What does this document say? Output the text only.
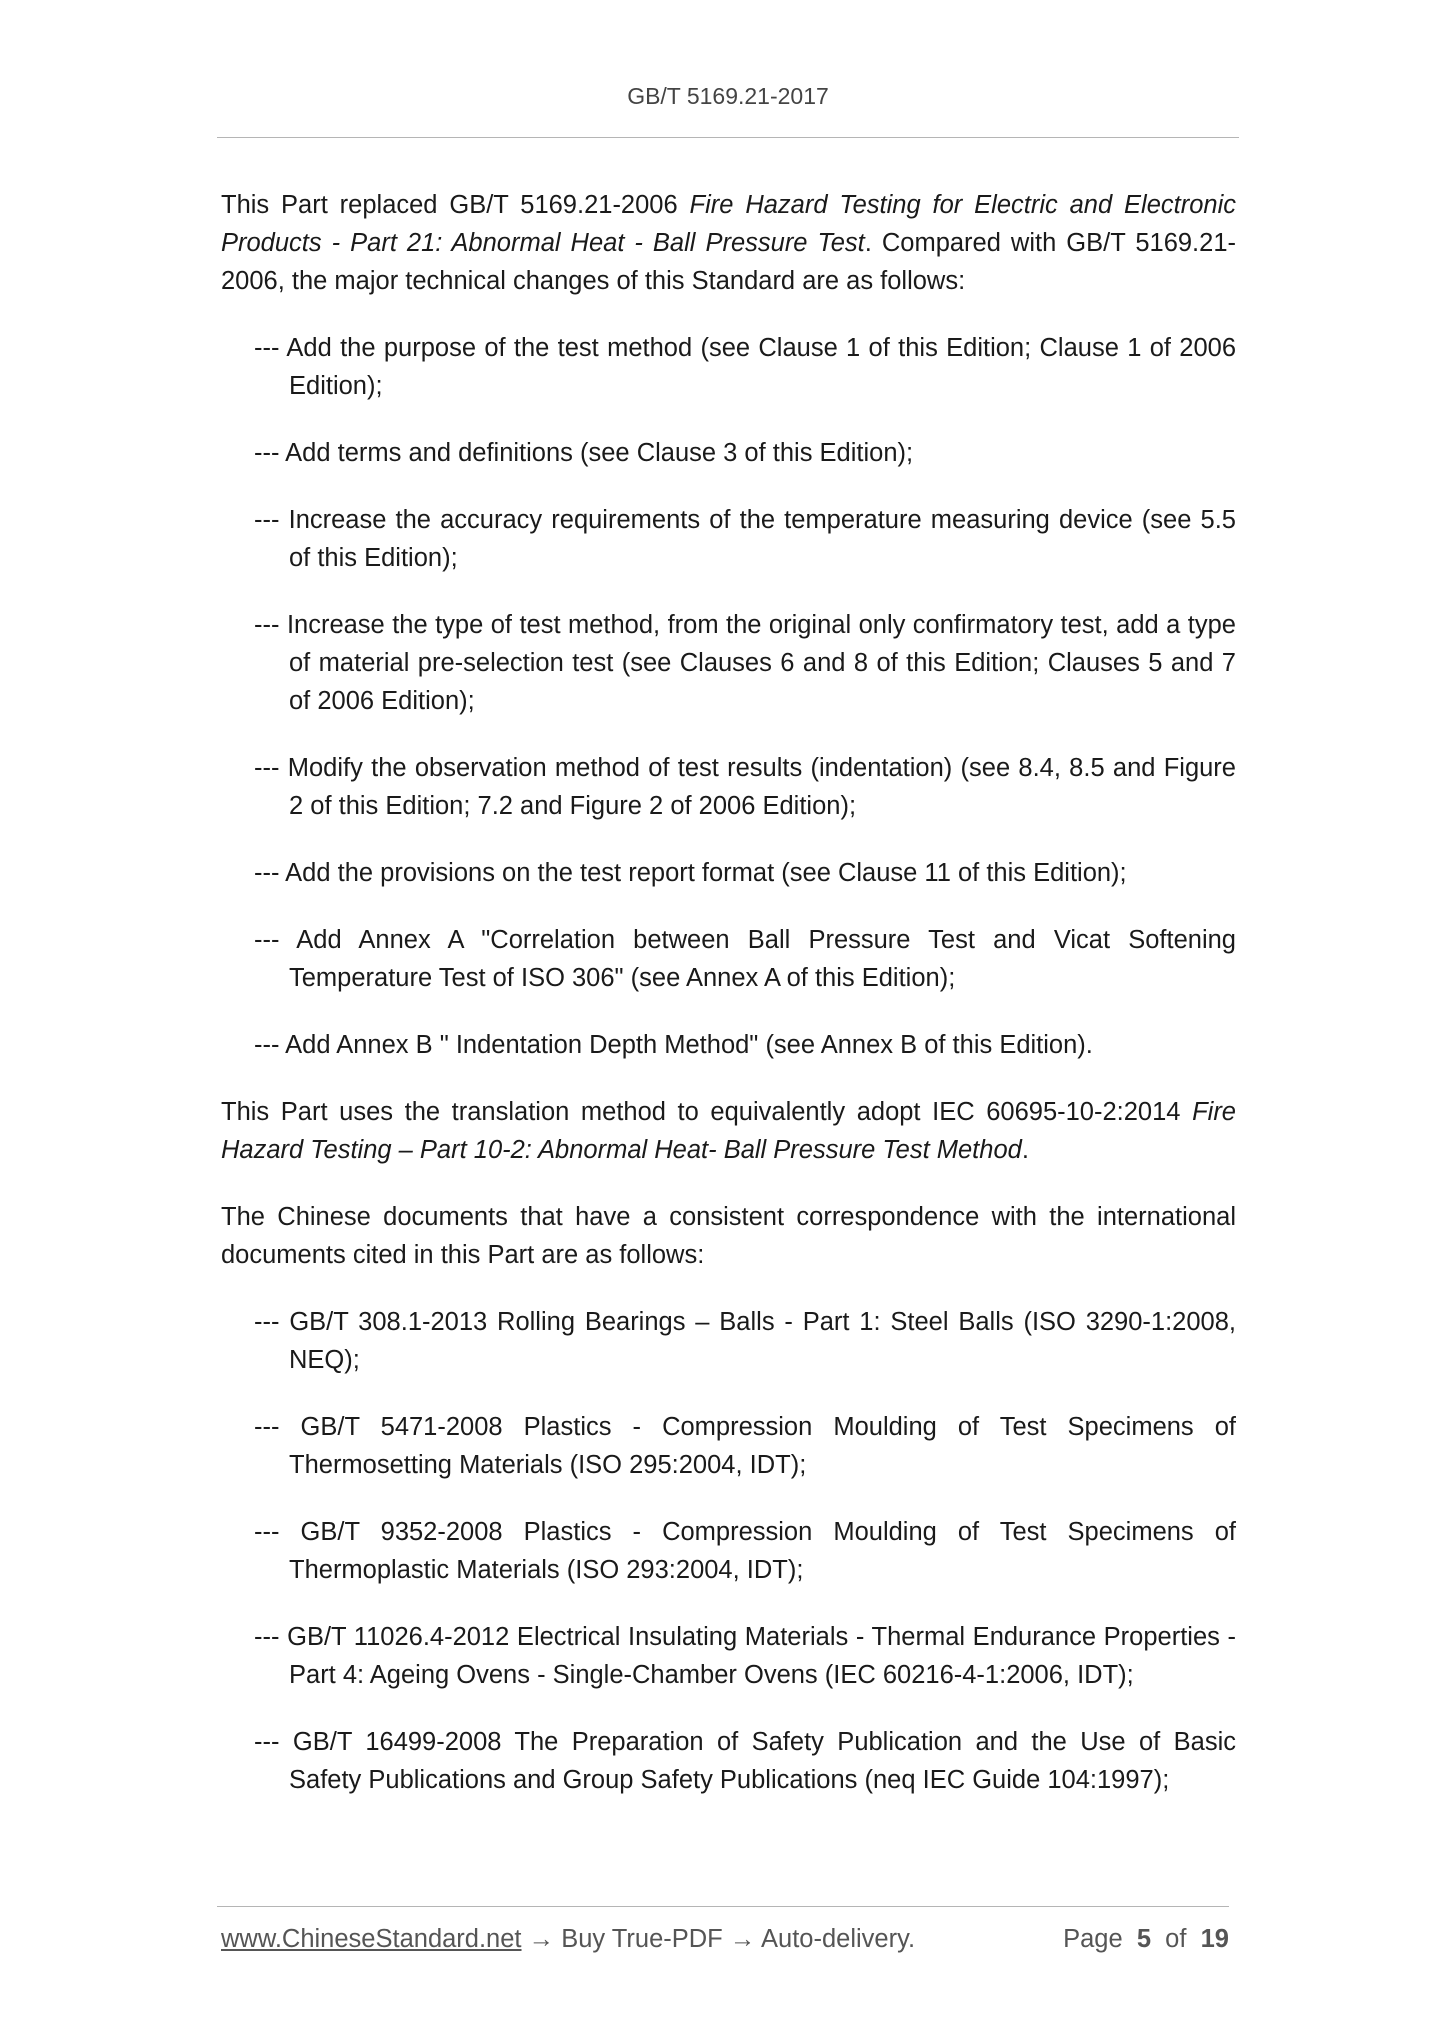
GB/T 5169.21-2017

This Part replaced GB/T 5169.21-2006 Fire Hazard Testing for Electric and Electronic Products - Part 21: Abnormal Heat - Ball Pressure Test. Compared with GB/T 5169.21-2006, the major technical changes of this Standard are as follows:

--- Add the purpose of the test method (see Clause 1 of this Edition; Clause 1 of 2006 Edition);

--- Add terms and definitions (see Clause 3 of this Edition);

--- Increase the accuracy requirements of the temperature measuring device (see 5.5 of this Edition);

--- Increase the type of test method, from the original only confirmatory test, add a type of material pre-selection test (see Clauses 6 and 8 of this Edition; Clauses 5 and 7 of 2006 Edition);

--- Modify the observation method of test results (indentation) (see 8.4, 8.5 and Figure 2 of this Edition; 7.2 and Figure 2 of 2006 Edition);

--- Add the provisions on the test report format (see Clause 11 of this Edition);

--- Add Annex A "Correlation between Ball Pressure Test and Vicat Softening Temperature Test of ISO 306" (see Annex A of this Edition);

--- Add Annex B " Indentation Depth Method" (see Annex B of this Edition).

This Part uses the translation method to equivalently adopt IEC 60695-10-2:2014 Fire Hazard Testing – Part 10-2: Abnormal Heat- Ball Pressure Test Method.

The Chinese documents that have a consistent correspondence with the international documents cited in this Part are as follows:

--- GB/T 308.1-2013 Rolling Bearings – Balls - Part 1: Steel Balls (ISO 3290-1:2008, NEQ);

--- GB/T 5471-2008 Plastics - Compression Moulding of Test Specimens of Thermosetting Materials (ISO 295:2004, IDT);

--- GB/T 9352-2008 Plastics - Compression Moulding of Test Specimens of Thermoplastic Materials (ISO 293:2004, IDT);

--- GB/T 11026.4-2012 Electrical Insulating Materials - Thermal Endurance Properties - Part 4: Ageing Ovens - Single-Chamber Ovens (IEC 60216-4-1:2006, IDT);

--- GB/T 16499-2008 The Preparation of Safety Publication and the Use of Basic Safety Publications and Group Safety Publications (neq IEC Guide 104:1997);

www.ChineseStandard.net → Buy True-PDF → Auto-delivery.	Page 5 of 19
